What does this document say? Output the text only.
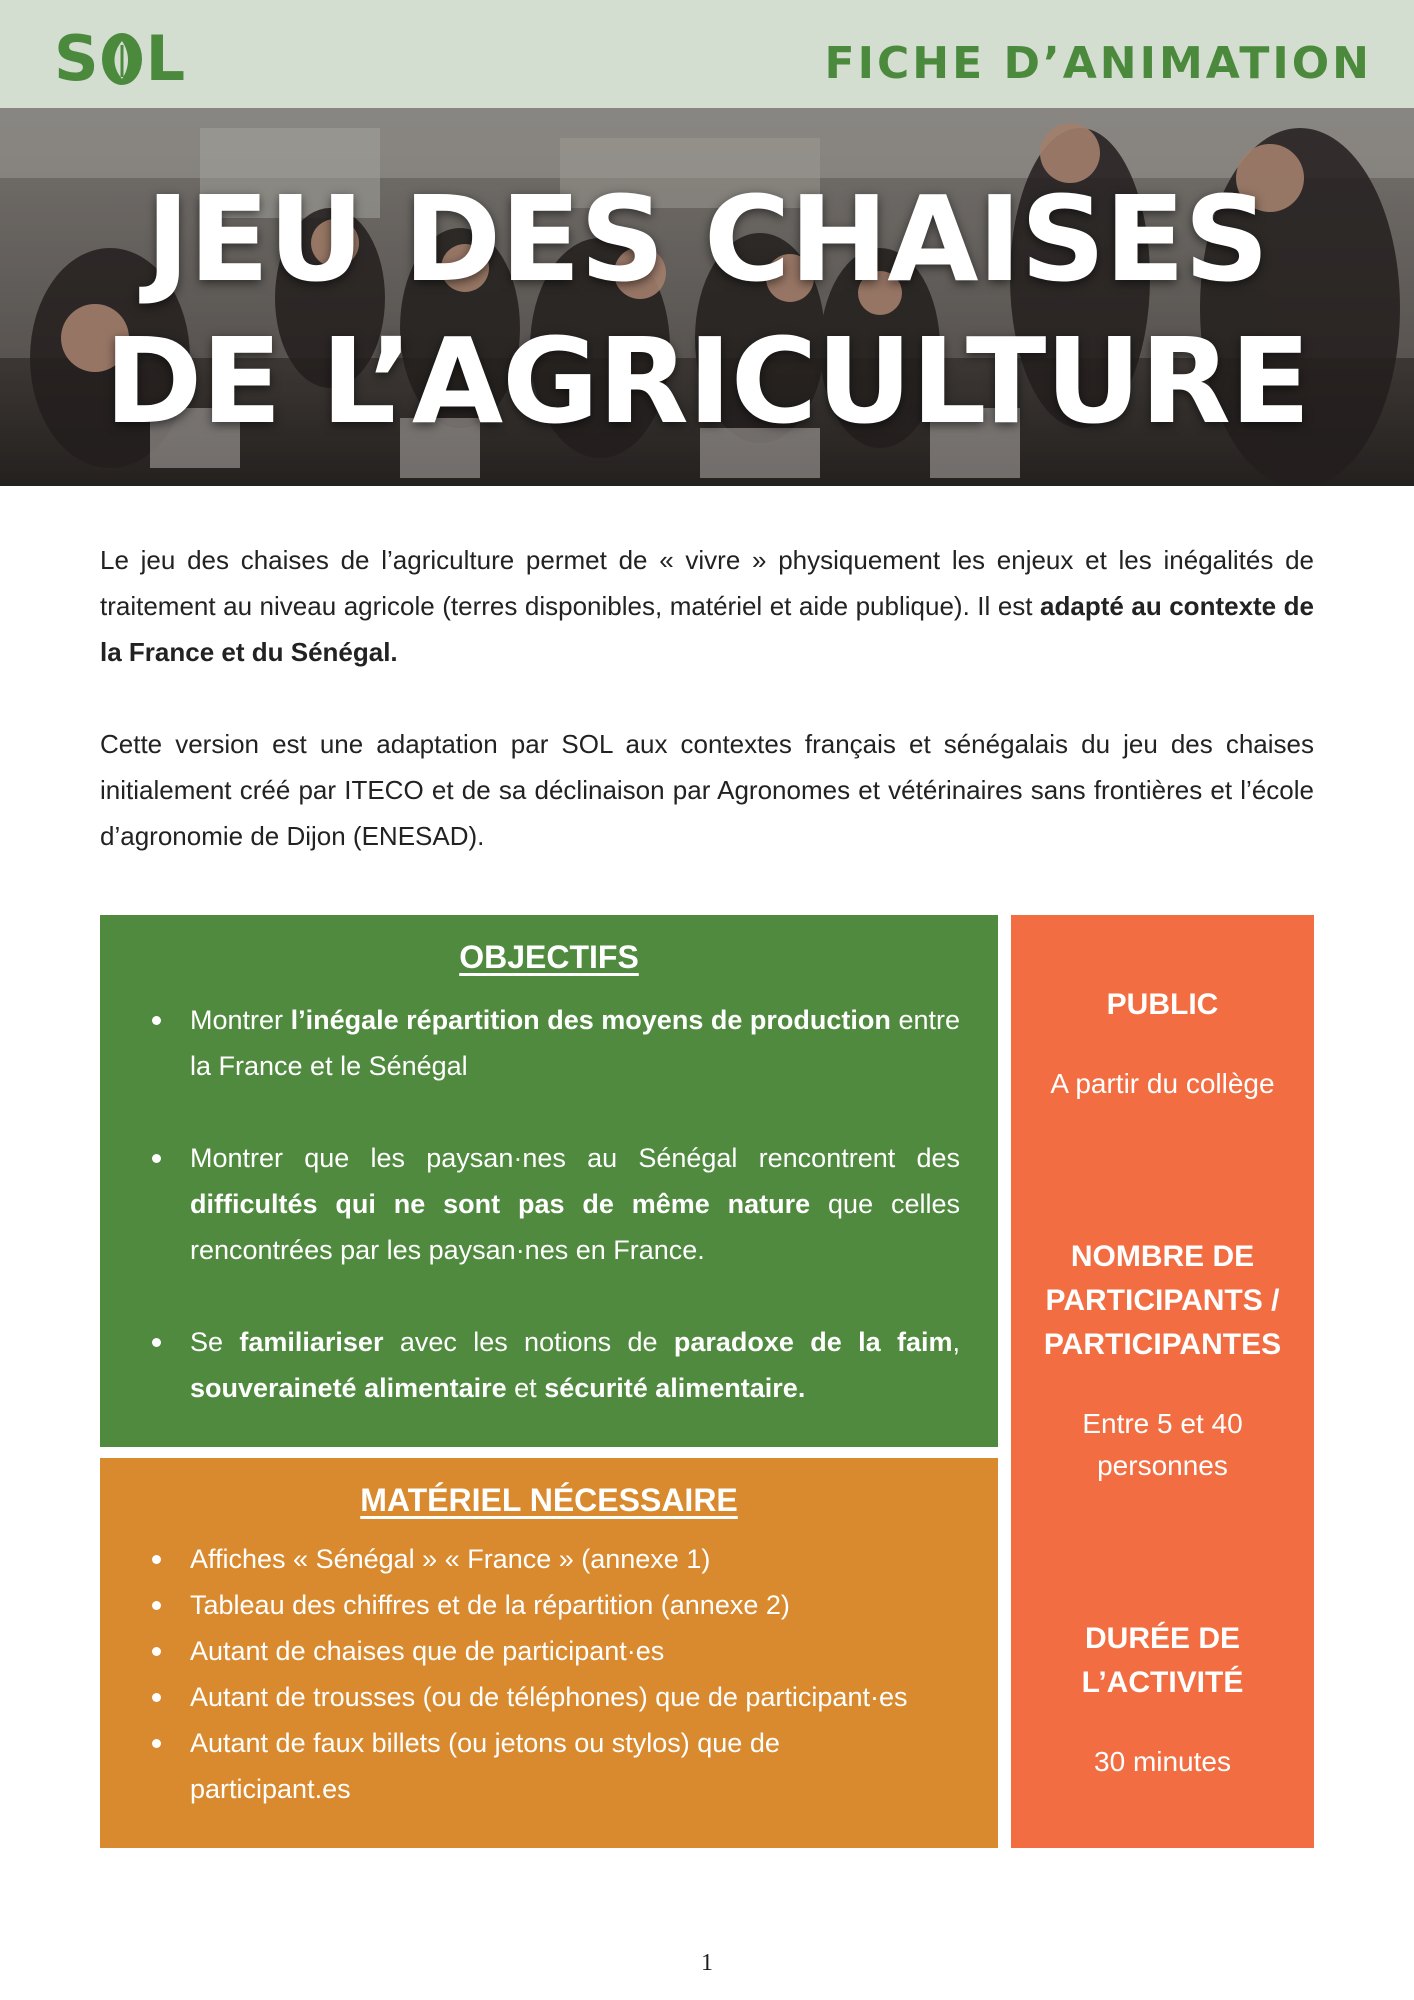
S L	FICHE D’ANIMATION
JEU DES CHAISES
DE L’AGRICULTURE
Le jeu des chaises de l’agriculture permet de « vivre » physiquement les enjeux et les inégalités de traitement au niveau agricole (terres disponibles, matériel et aide publique). Il est adapté au contexte de la France et du Sénégal.
Cette version est une adaptation par SOL aux contextes français et sénégalais du jeu des chaises initialement créé par ITECO et de sa déclinaison par Agronomes et vétérinaires sans frontières et l’école d’agronomie de Dijon (ENESAD).
OBJECTIFS
Montrer l’inégale répartition des moyens de production entre la France et le Sénégal
Montrer que les paysan·nes au Sénégal rencontrent des difficultés qui ne sont pas de même nature que celles rencontrées par les paysan·nes en France.
Se familiariser avec les notions de paradoxe de la faim, souveraineté alimentaire et sécurité alimentaire.
MATÉRIEL NÉCESSAIRE
Affiches « Sénégal » « France » (annexe 1)
Tableau des chiffres et de la répartition (annexe 2)
Autant de chaises que de participant·es
Autant de trousses (ou de téléphones) que de participant·es
Autant de faux billets (ou jetons ou stylos) que de participant.es
PUBLIC
A partir du collège
NOMBRE DE
PARTICIPANTS /
PARTICIPANTES
Entre 5 et 40
personnes
DURÉE DE
L’ACTIVITÉ
30 minutes
1
